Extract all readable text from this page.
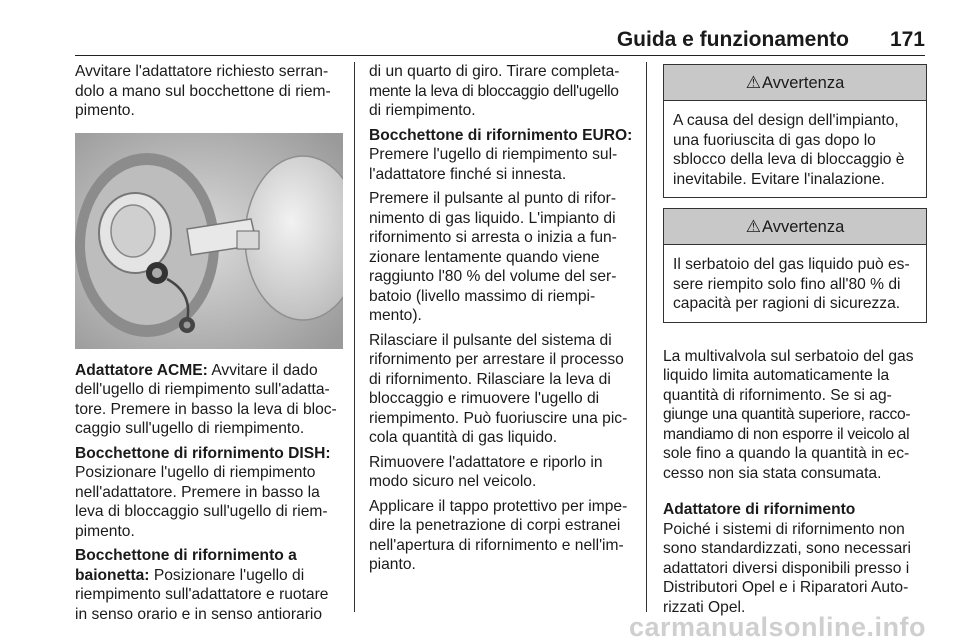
Guida e funzionamento 171
Avvitare l'adattatore richiesto serran-
dolo a mano sul bocchettone di riem-
pimento.
Adattatore ACME: Avvitare il dado
dell'ugello di riempimento sull'adatta-
tore. Premere in basso la leva di bloc-
caggio sull'ugello di riempimento.
Bocchettone di rifornimento DISH:
Posizionare l'ugello di riempimento
nell'adattatore. Premere in basso la
leva di bloccaggio sull'ugello di riem-
pimento.
Bocchettone di rifornimento a
baionetta: Posizionare l'ugello di
riempimento sull'adattatore e ruotare
in senso orario e in senso antiorario
di un quarto di giro. Tirare completa-
mente la leva di bloccaggio dell'ugello
di riempimento.
Bocchettone di rifornimento EURO:
Premere l'ugello di riempimento sul-
l'adattatore finché si innesta.
Premere il pulsante al punto di rifor-
nimento di gas liquido. L'impianto di
rifornimento si arresta o inizia a fun-
zionare lentamente quando viene
raggiunto l'80 % del volume del ser-
batoio (livello massimo di riempi-
mento).
Rilasciare il pulsante del sistema di
rifornimento per arrestare il processo
di rifornimento. Rilasciare la leva di
bloccaggio e rimuovere l'ugello di
riempimento. Può fuoriuscire una pic-
cola quantità di gas liquido.
Rimuovere l'adattatore e riporlo in
modo sicuro nel veicolo.
Applicare il tappo protettivo per impe-
dire la penetrazione di corpi estranei
nell'apertura di rifornimento e nell'im-
pianto.
⚠Avvertenza
A causa del design dell'impianto,
una fuoriuscita di gas dopo lo
sblocco della leva di bloccaggio è
inevitabile. Evitare l'inalazione.
⚠Avvertenza
Il serbatoio del gas liquido può es-
sere riempito solo fino all'80 % di
capacità per ragioni di sicurezza.
La multivalvola sul serbatoio del gas
liquido limita automaticamente la
quantità di rifornimento. Se si ag-
giunge una quantità superiore, racco-
mandiamo di non esporre il veicolo al
sole fino a quando la quantità in ec-
cesso non sia stata consumata.
Adattatore di rifornimento
Poiché i sistemi di rifornimento non
sono standardizzati, sono necessari
adattatori diversi disponibili presso i
Distributori Opel e i Riparatori Auto-
rizzati Opel.
carmanualsonline.info
